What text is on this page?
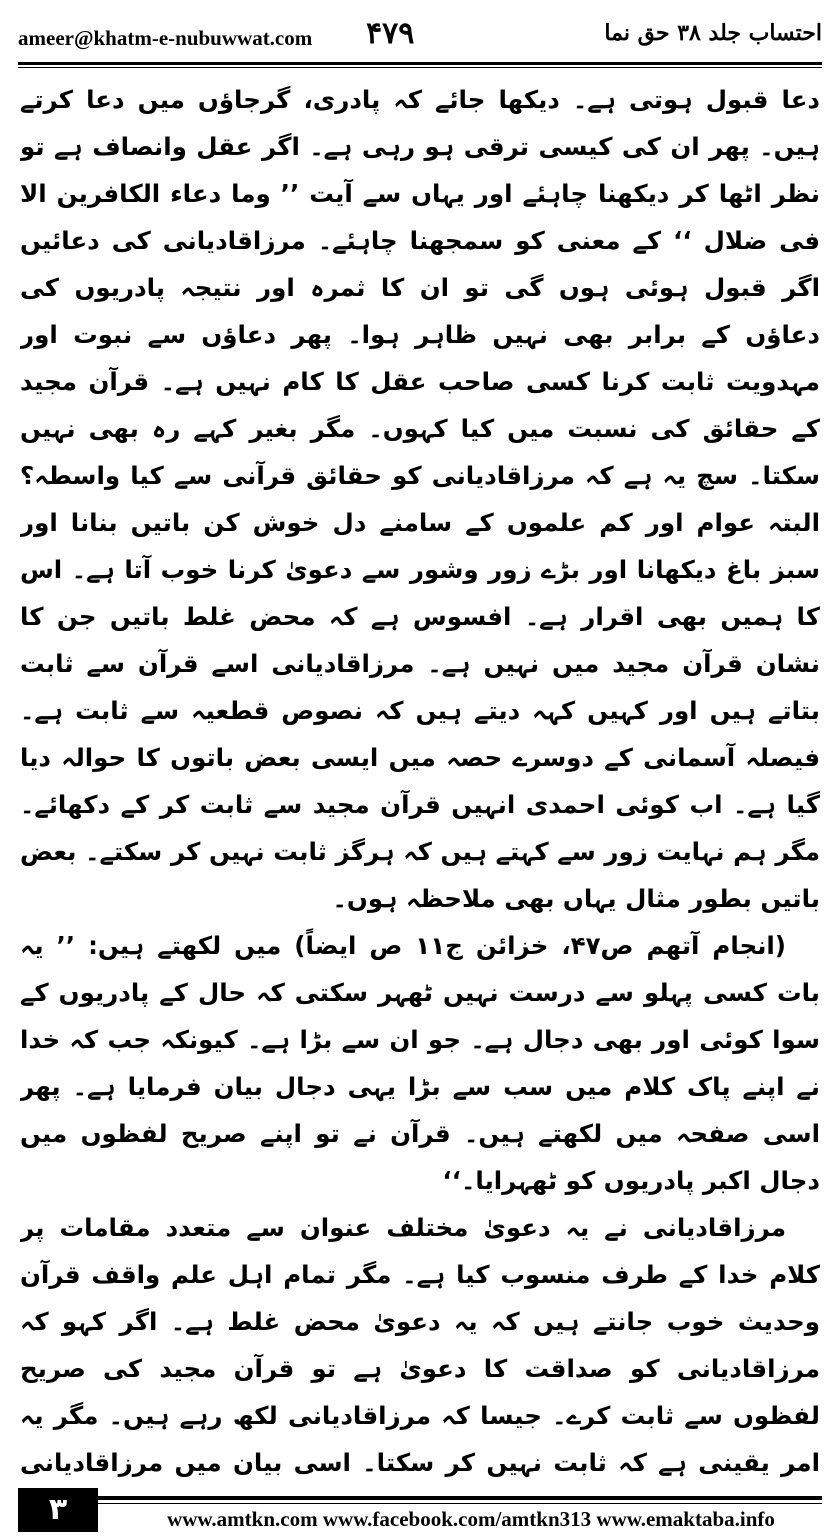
ameer@khatm-e-nubuwwat.com ۴۷۹	احتساب جلد ۳۸ حق نما

دعا قبول ہوتی ہے۔ دیکھا جائے کہ پادری، گرجاؤں میں دعا کرتے ہیں۔ پھر ان کی کیسی ترقی ہو رہی ہے۔ اگر عقل وانصاف ہے تو نظر اٹھا کر دیکھنا چاہئے اور یہاں سے آیت ’’ وما دعاء الکافرین الا فی ضلال ‘‘ کے معنی کو سمجھنا چاہئے۔ مرزاقادیانی کی دعائیں اگر قبول ہوئی ہوں گی تو ان کا ثمرہ اور نتیجہ پادریوں کی دعاؤں کے برابر بھی نہیں ظاہر ہوا۔ پھر دعاؤں سے نبوت اور مہدویت ثابت کرنا کسی صاحب عقل کا کام نہیں ہے۔ قرآن مجید کے حقائق کی نسبت میں کیا کہوں۔ مگر بغیر کہے رہ بھی نہیں سکتا۔ سچ یہ ہے کہ مرزاقادیانی کو حقائق قرآنی سے کیا واسطہ؟ البتہ عوام اور کم علموں کے سامنے دل خوش کن باتیں بنانا اور سبز باغ دیکھانا اور بڑے زور وشور سے دعویٰ کرنا خوب آتا ہے۔ اس کا ہمیں بھی اقرار ہے۔ افسوس ہے کہ محض غلط باتیں جن کا نشان قرآن مجید میں نہیں ہے۔ مرزاقادیانی اسے قرآن سے ثابت بتاتے ہیں اور کہیں کہہ دیتے ہیں کہ نصوص قطعیہ سے ثابت ہے۔ فیصلہ آسمانی کے دوسرے حصہ میں ایسی بعض باتوں کا حوالہ دیا گیا ہے۔ اب کوئی احمدی انہیں قرآن مجید سے ثابت کر کے دکھائے۔ مگر ہم نہایت زور سے کہتے ہیں کہ ہرگز ثابت نہیں کر سکتے۔ بعض باتیں بطور مثال یہاں بھی ملاحظہ ہوں۔

(انجام آتھم ص۴۷، خزائن ج۱۱ ص ایضاً) میں لکھتے ہیں: ’’ یہ بات کسی پہلو سے درست نہیں ٹھہر سکتی کہ حال کے پادریوں کے سوا کوئی اور بھی دجال ہے۔ جو ان سے بڑا ہے۔ کیونکہ جب کہ خدا نے اپنے پاک کلام میں سب سے بڑا یہی دجال بیان فرمایا ہے۔ پھر اسی صفحہ میں لکھتے ہیں۔ قرآن نے تو اپنے صریح لفظوں میں دجال اکبر پادریوں کو ٹھہرایا۔‘‘

مرزاقادیانی نے یہ دعویٰ مختلف عنوان سے متعدد مقامات پر کلام خدا کے طرف منسوب کیا ہے۔ مگر تمام اہل علم واقف قرآن وحدیث خوب جانتے ہیں کہ یہ دعویٰ محض غلط ہے۔ اگر کہو کہ مرزاقادیانی کو صداقت کا دعویٰ ہے تو قرآن مجید کی صریح لفظوں سے ثابت کرے۔ جیسا کہ مرزاقادیانی لکھ رہے ہیں۔ مگر یہ امر یقینی ہے کہ ثابت نہیں کر سکتا۔ اسی بیان میں مرزاقادیانی

۳	www.amtkn.com www.facebook.com/amtkn313 www.emaktaba.info
